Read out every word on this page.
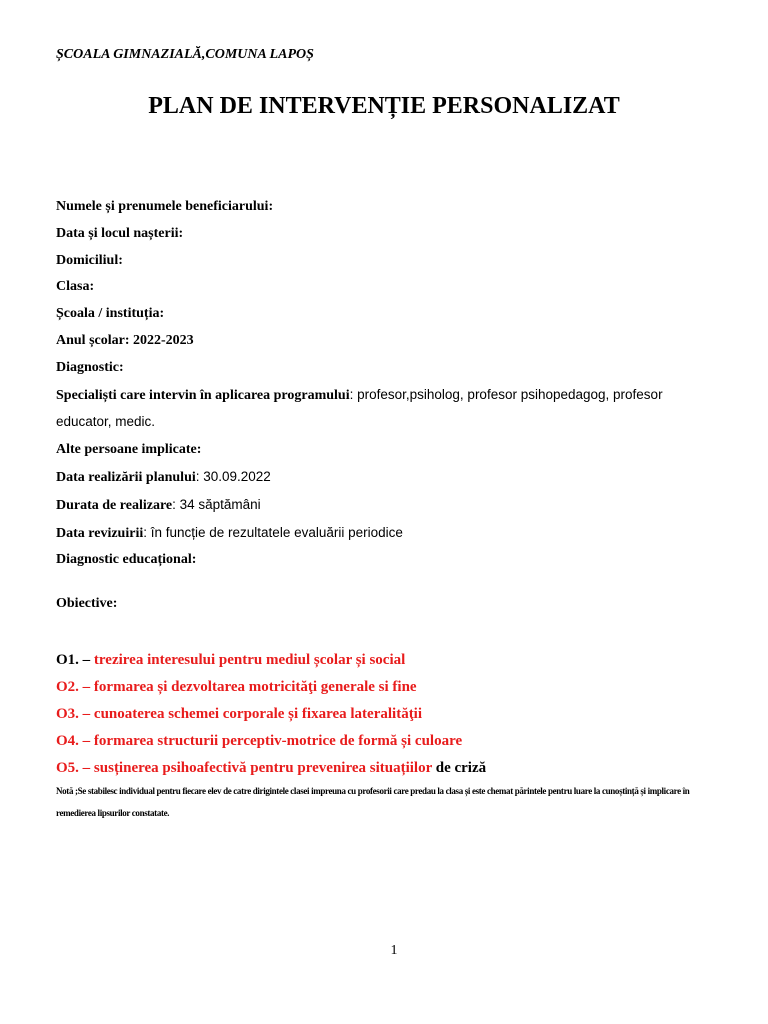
ȘCOALA GIMNAZIALĂ,COMUNA LAPOȘ
PLAN DE INTERVENȚIE PERSONALIZAT
Numele și prenumele beneficiarului:
Data și locul nașterii:
Domiciliul:
Clasa:
Școala / instituția:
Anul școlar: 2022-2023
Diagnostic:
Specialiști care intervin în aplicarea programului: profesor,psiholog, profesor psihopedagog, profesor educator, medic.
Alte persoane implicate:
Data realizării planului: 30.09.2022
Durata de realizare: 34 săptămâni
Data revizuirii: în funcție de rezultatele evaluării periodice
Diagnostic educațional:
Obiective:
O1. – trezirea interesului pentru mediul școlar și social
O2. – formarea și dezvoltarea motricităţi generale si fine
O3. – cunoaterea schemei corporale și fixarea lateralităţii
O4. – formarea structurii perceptiv-motrice de formă și culoare
O5. – susținerea psihoafectivă pentru prevenirea situațiilor de criză
Notă ;Se stabilesc individual pentru fiecare elev de catre dirigintele clasei impreuna cu profesorii care predau la clasa și este chemat părintele pentru luare la cunoștință și implicare în remedierea lipsurilor constatate.
1
